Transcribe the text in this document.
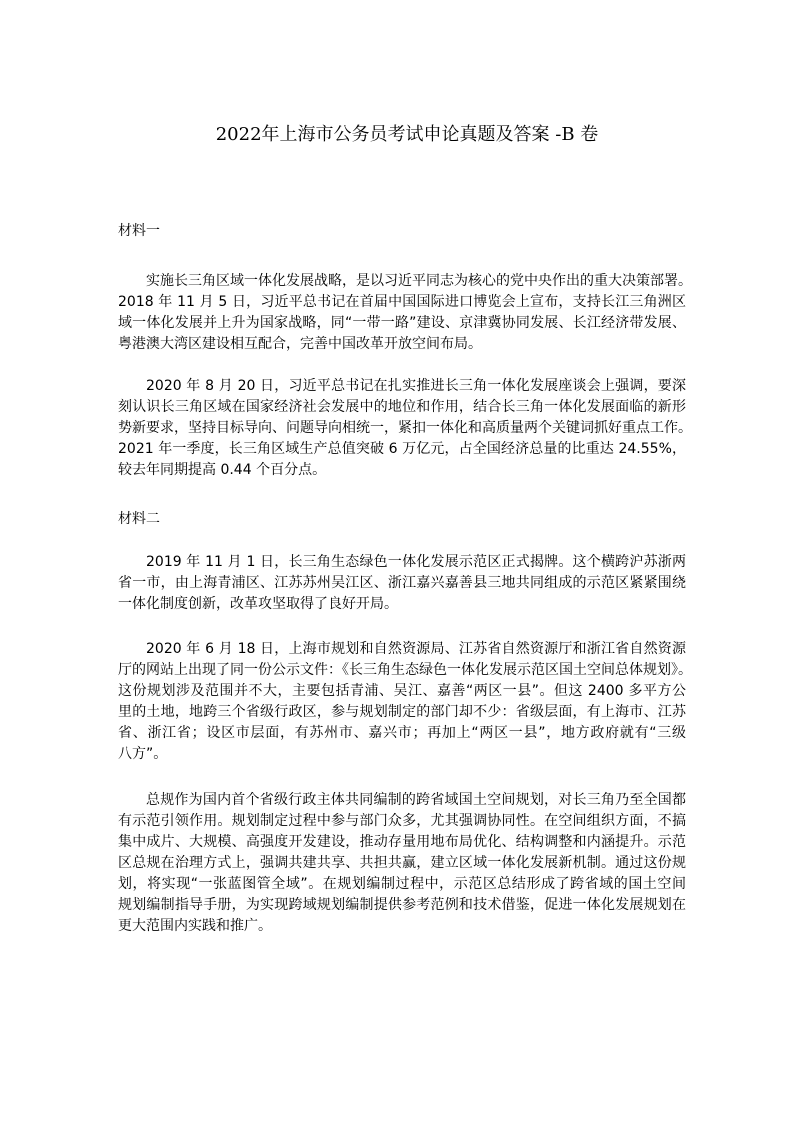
2022年上海市公务员考试申论真题及答案 -B 卷
材料一
材料二
实施长三角区域一体化发展战略，是以习近平同志为核心的党中央作出的重大决策部署。
2018 年 11 月 5 日，习近平总书记在首届中国国际进口博览会上宣布，支持长江三角洲区
域一体化发展并上升为国家战略，同“一带一路”建设、京津冀协同发展、长江经济带发展、
粤港澳大湾区建设相互配合，完善中国改革开放空间布局。
2020 年 8 月 20 日，习近平总书记在扎实推进长三角一体化发展座谈会上强调，要深
刻认识长三角区域在国家经济社会发展中的地位和作用，结合长三角一体化发展面临的新形
势新要求，坚持目标导向、问题导向相统一，紧扣一体化和高质量两个关键词抓好重点工作。
2021 年一季度，长三角区域生产总值突破 6 万亿元，占全国经济总量的比重达 24.55%，
较去年同期提高 0.44 个百分点。
2019 年 11 月 1 日，长三角生态绿色一体化发展示范区正式揭牌。这个横跨沪苏浙两
省一市，由上海青浦区、江苏苏州吴江区、浙江嘉兴嘉善县三地共同组成的示范区紧紧围绕
一体化制度创新，改革攻坚取得了良好开局。
2020 年 6 月 18 日，上海市规划和自然资源局、江苏省自然资源厅和浙江省自然资源
厅的网站上出现了同一份公示文件：《长三角生态绿色一体化发展示范区国土空间总体规划》。
这份规划涉及范围并不大，主要包括青浦、吴江、嘉善“两区一县”。但这 2400 多平方公
里的土地，地跨三个省级行政区，参与规划制定的部门却不少：省级层面，有上海市、江苏
省、浙江省；设区市层面，有苏州市、嘉兴市；再加上“两区一县”，地方政府就有“三级
八方”。
总规作为国内首个省级行政主体共同编制的跨省域国土空间规划，对长三角乃至全国都
有示范引领作用。规划制定过程中参与部门众多，尤其强调协同性。在空间组织方面，不搞
集中成片、大规模、高强度开发建设，推动存量用地布局优化、结构调整和内涵提升。示范
区总规在治理方式上，强调共建共享、共担共赢，建立区域一体化发展新机制。通过这份规
划，将实现“一张蓝图管全域”。在规划编制过程中，示范区总结形成了跨省域的国土空间
规划编制指导手册，为实现跨域规划编制提供参考范例和技术借鉴，促进一体化发展规划在
更大范围内实践和推广。
